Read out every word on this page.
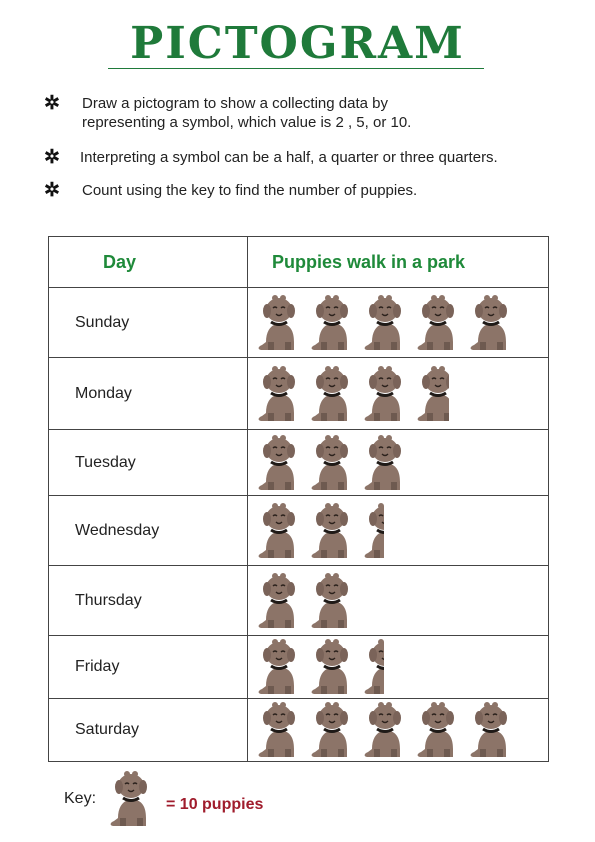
PICTOGRAM
✲ Draw a pictogram to show a collecting data by representing a symbol, which value is 2 , 5, or 10.
✲ Interpreting a symbol can be a half, a quarter or three quarters.
✲ Count using the key to find the number of puppies.
Day	Puppies walk in a park
Sunday	

Monday	

Tuesday	

Wednesday	

Thursday	

Friday	

Saturday	
Key:	= 10 puppies
